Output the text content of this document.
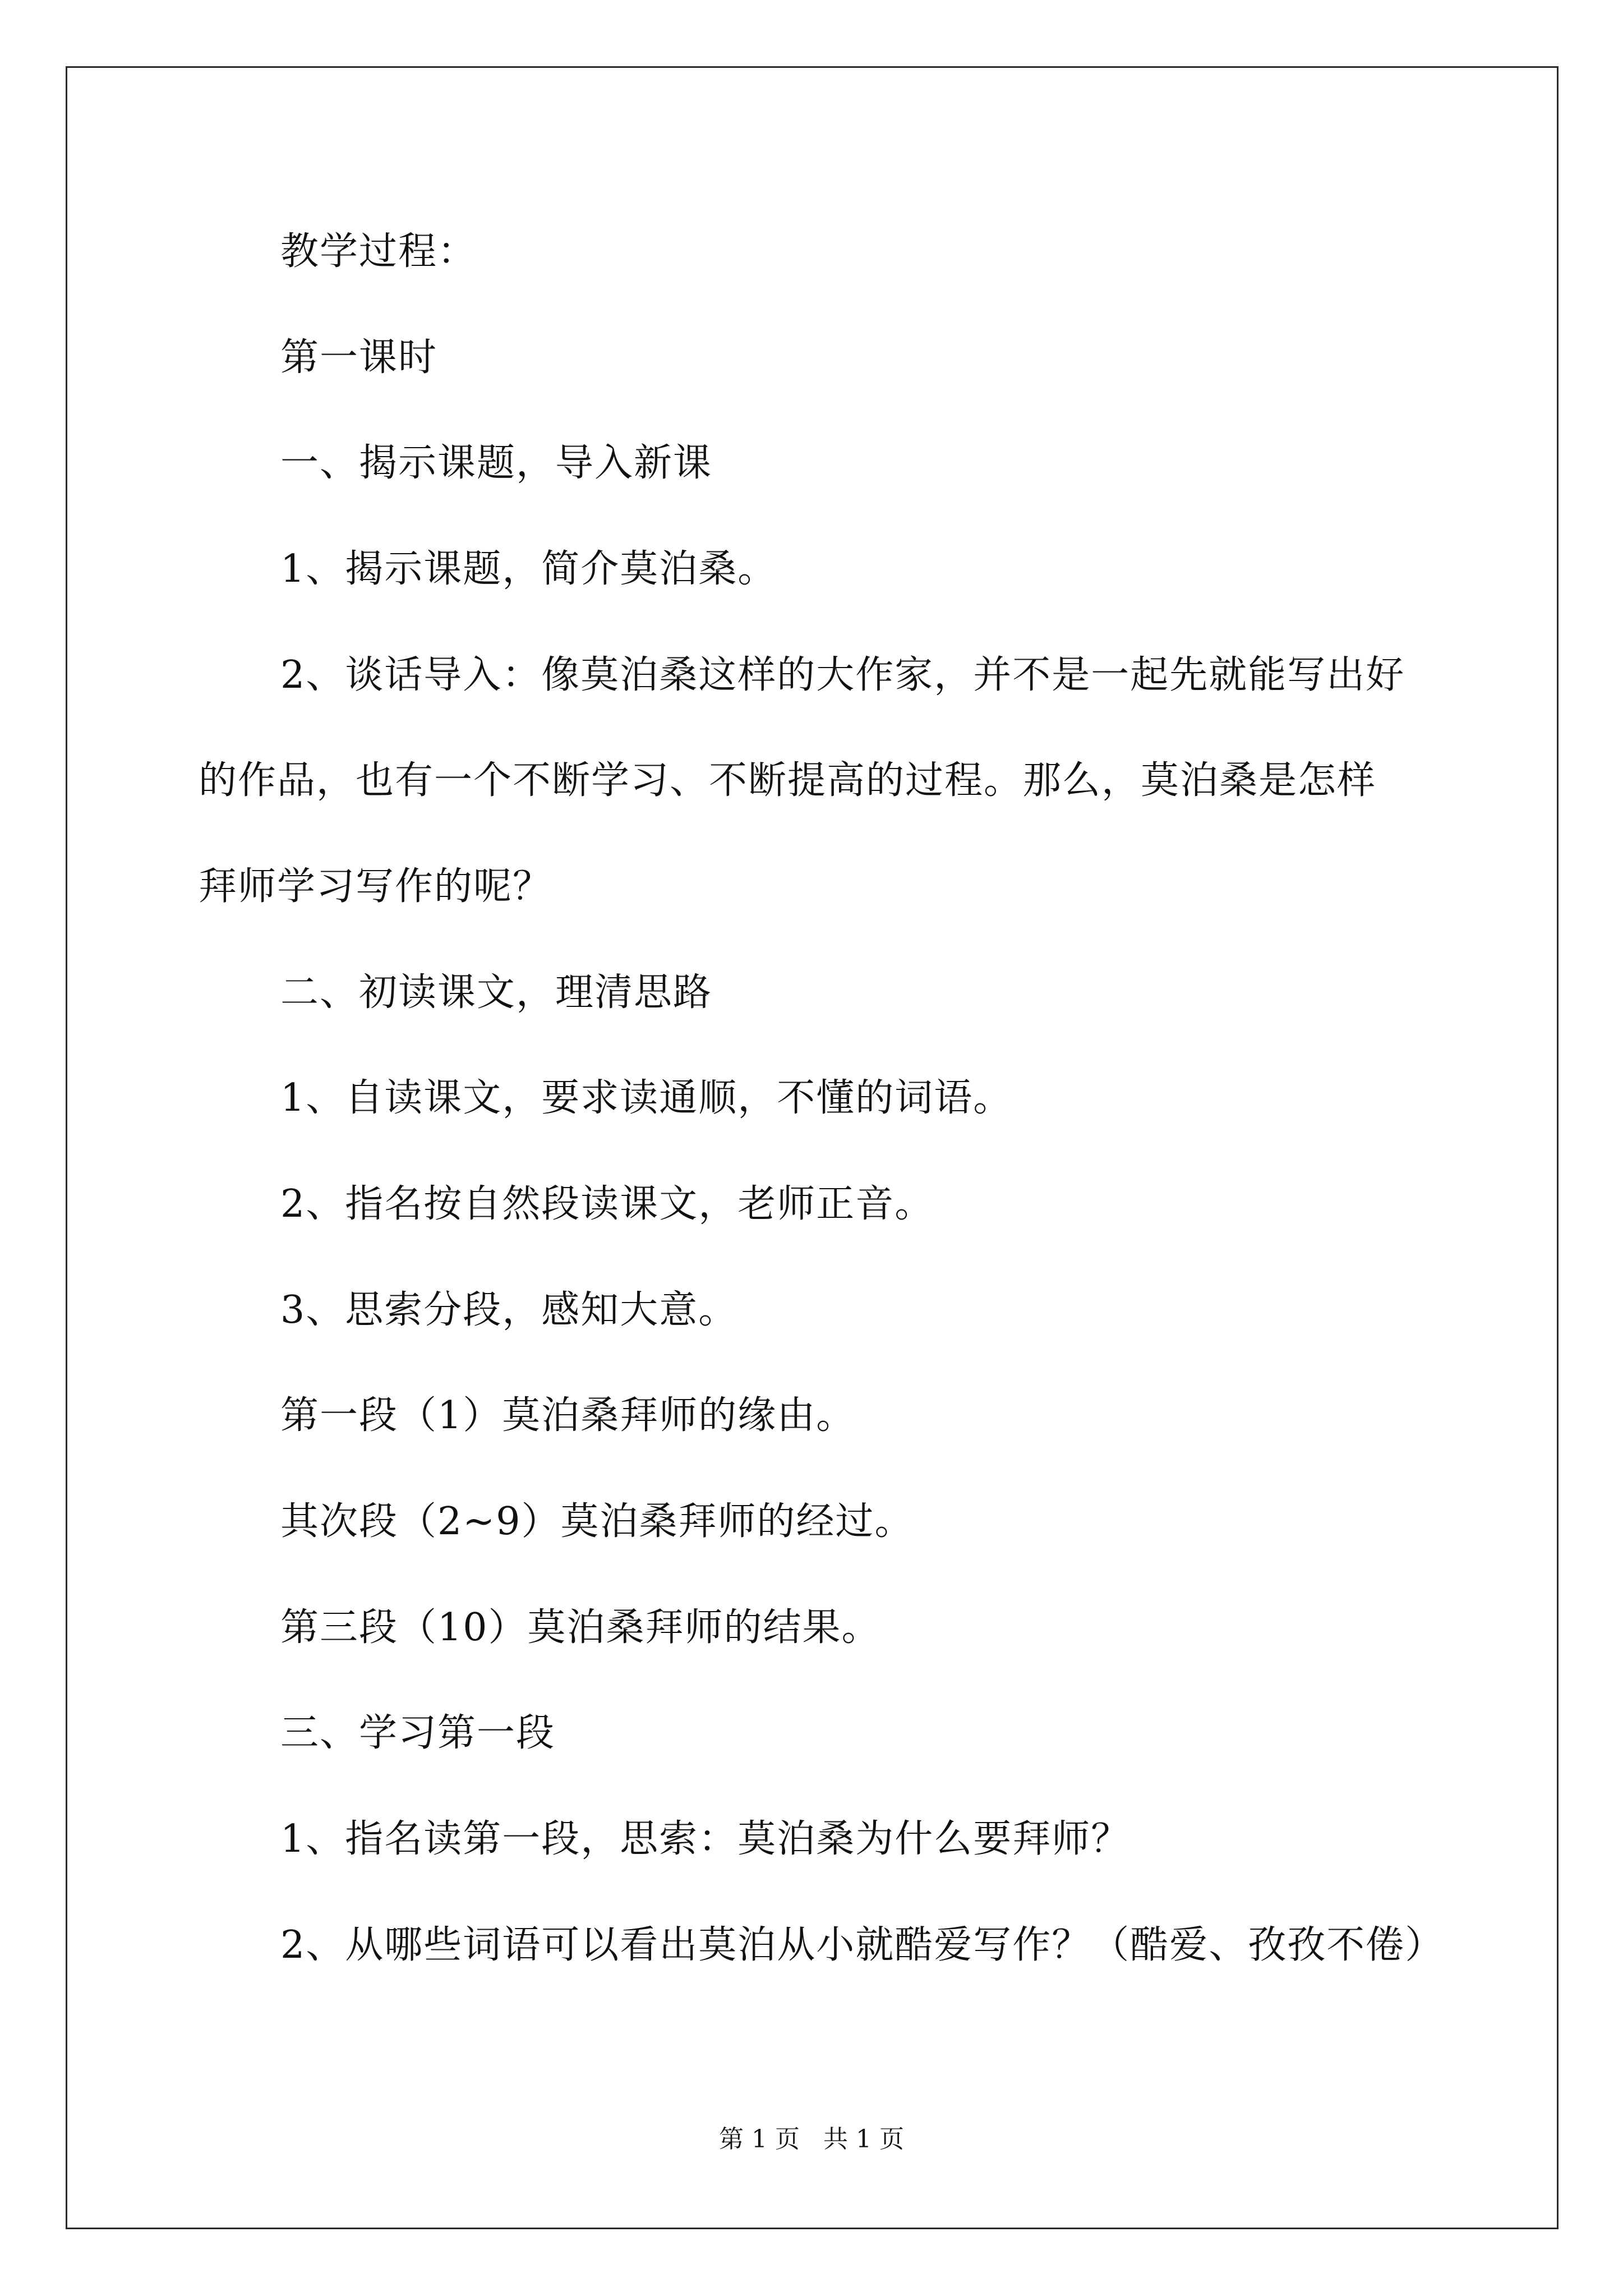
教学过程：
第一课时
一、揭示课题，导入新课
1、揭示课题，简介莫泊桑。
2、谈话导入：像莫泊桑这样的大作家，并不是一起先就能写出好
的作品，也有一个不断学习、不断提高的过程。那么，莫泊桑是怎样
拜师学习写作的呢？
二、初读课文，理清思路
1、自读课文，要求读通顺，不懂的词语。
2、指名按自然段读课文，老师正音。
3、思索分段，感知大意。
第一段（1）莫泊桑拜师的缘由。
其次段（2~9）莫泊桑拜师的经过。
第三段（10）莫泊桑拜师的结果。
三、学习第一段
1、指名读第一段，思索：莫泊桑为什么要拜师？
2、从哪些词语可以看出莫泊从小就酷爱写作？（酷爱、孜孜不倦）
第 1 页   共 1 页
